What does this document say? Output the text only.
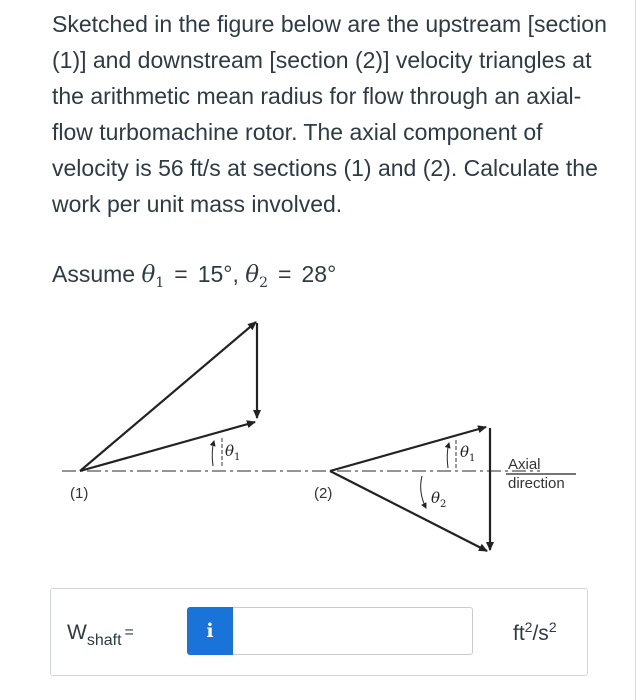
Sketched in the figure below are the upstream [section (1)] and downstream [section (2)] velocity triangles at the arithmetic mean radius for flow through an axial-flow turbomachine rotor. The axial component of velocity is 56 ft/s at sections (1) and (2). Calculate the work per unit mass involved.

Assume $\theta_1 = 15^\circ$, $\theta_2 = 28^\circ$
θ 1
(1)
θ 1
θ 2
(2)
Axial
direction
$W_{shaft}$ =	i	$ft^2/s^2$
